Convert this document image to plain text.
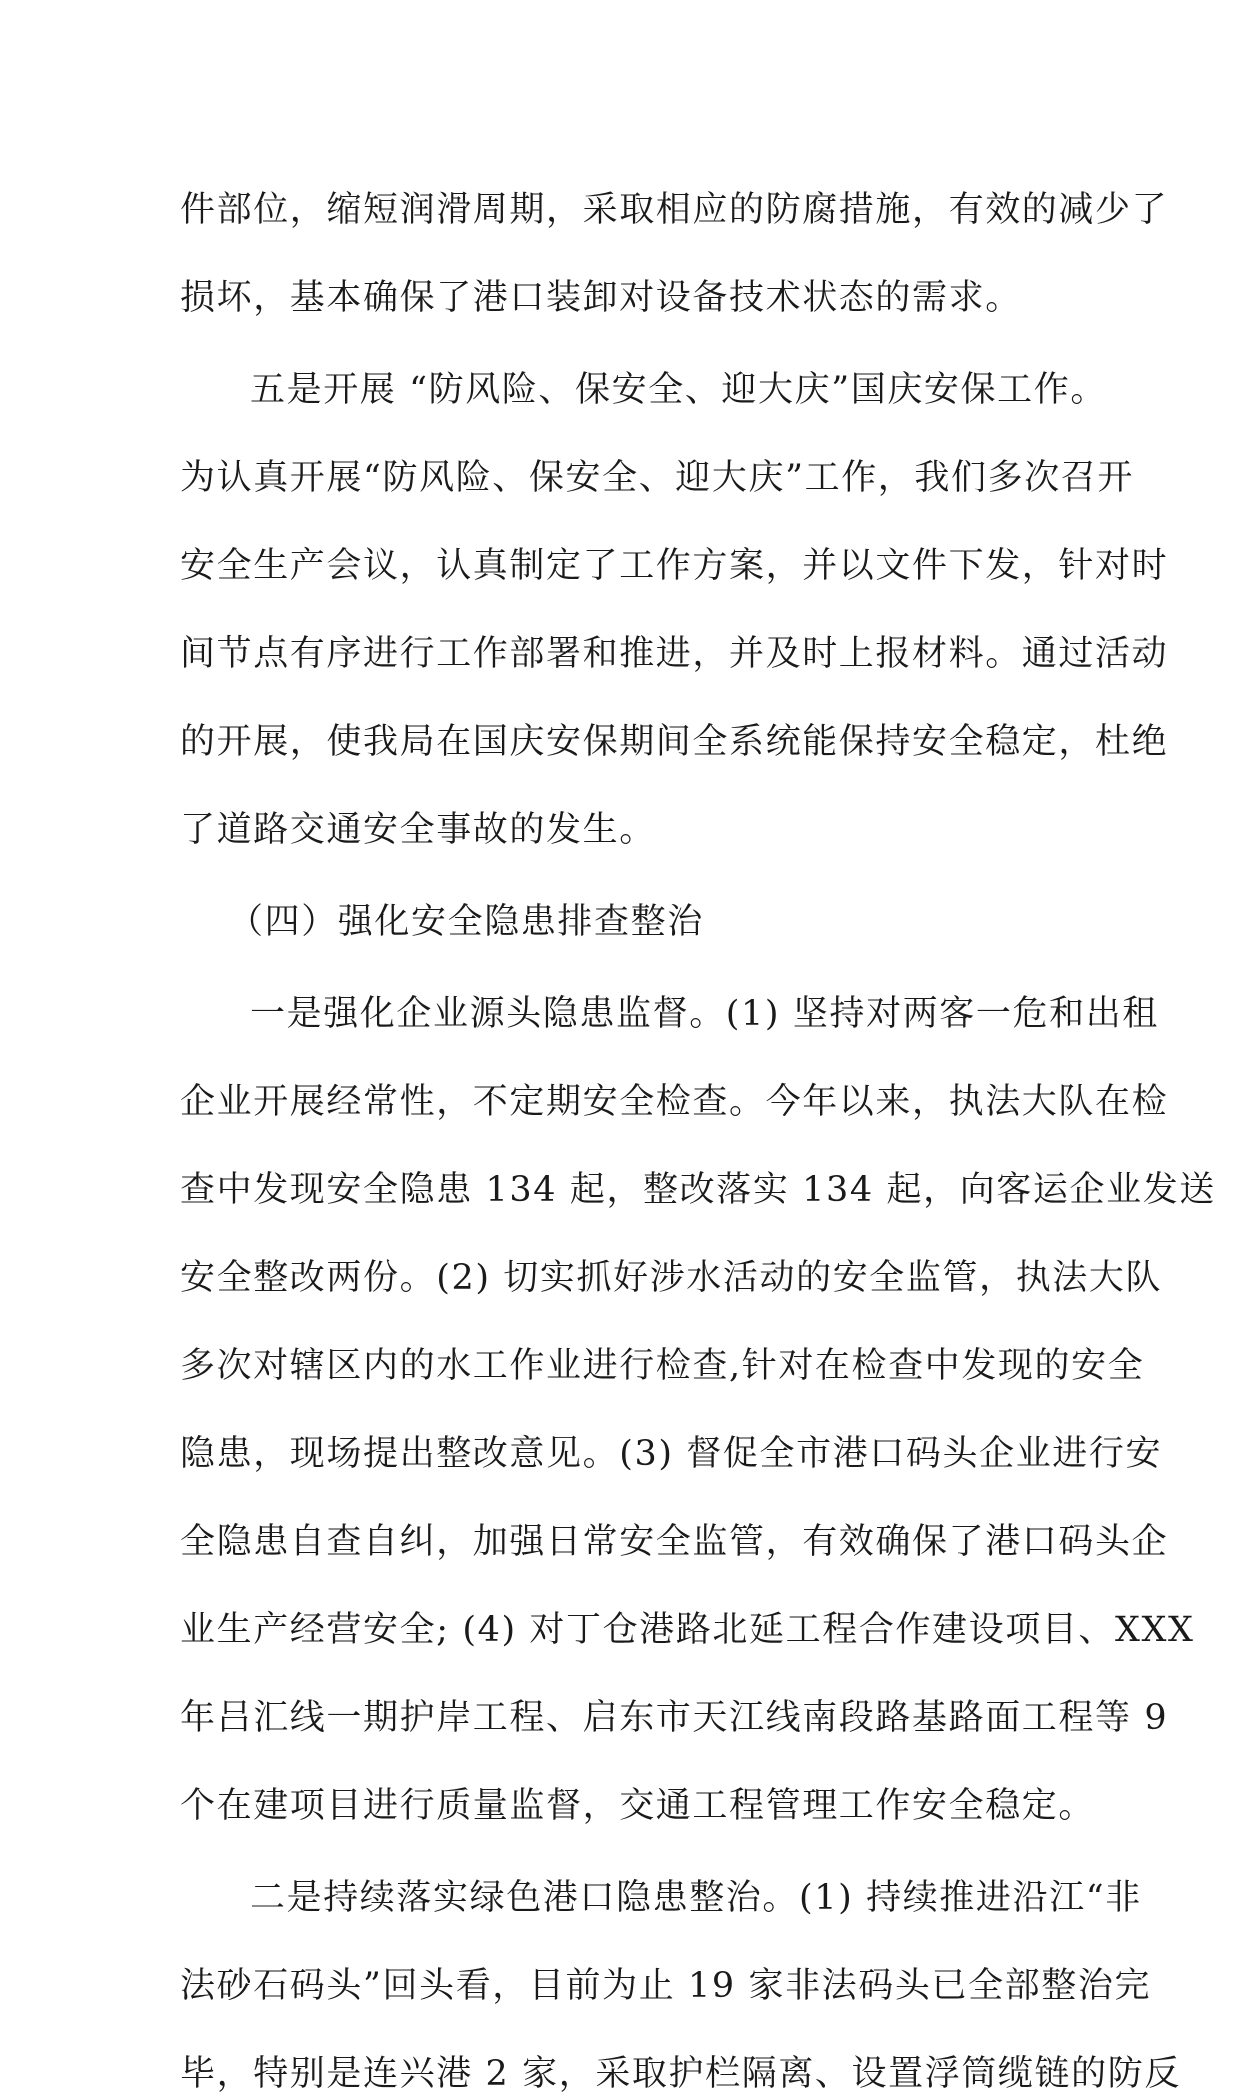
件部位，缩短润滑周期，采取相应的防腐措施，有效的减少了
损坏，基本确保了港口装卸对设备技术状态的需求。
五是开展 “防风险、保安全、迎大庆”国庆安保工作。
为认真开展“防风险、保安全、迎大庆”工作，我们多次召开
安全生产会议，认真制定了工作方案，并以文件下发，针对时
间节点有序进行工作部署和推进，并及时上报材料。通过活动
的开展，使我局在国庆安保期间全系统能保持安全稳定，杜绝
了道路交通安全事故的发生。
（四）强化安全隐患排查整治
一是强化企业源头隐患监督。(1) 坚持对两客一危和出租
企业开展经常性，不定期安全检查。今年以来，执法大队在检
查中发现安全隐患 134 起，整改落实 134 起，向客运企业发送
安全整改两份。(2) 切实抓好涉水活动的安全监管，执法大队
多次对辖区内的水工作业进行检查,针对在检查中发现的安全
隐患，现场提出整改意见。(3) 督促全市港口码头企业进行安
全隐患自查自纠，加强日常安全监管，有效确保了港口码头企
业生产经营安全; (4) 对丁仓港路北延工程合作建设项目、XXX
年吕汇线一期护岸工程、启东市天江线南段路基路面工程等 9
个在建项目进行质量监督，交通工程管理工作安全稳定。
二是持续落实绿色港口隐患整治。(1) 持续推进沿江“非
法砂石码头”回头看，目前为止 19 家非法码头已全部整治完
毕，特别是连兴港 2 家，采取护栏隔离、设置浮筒缆链的防反
